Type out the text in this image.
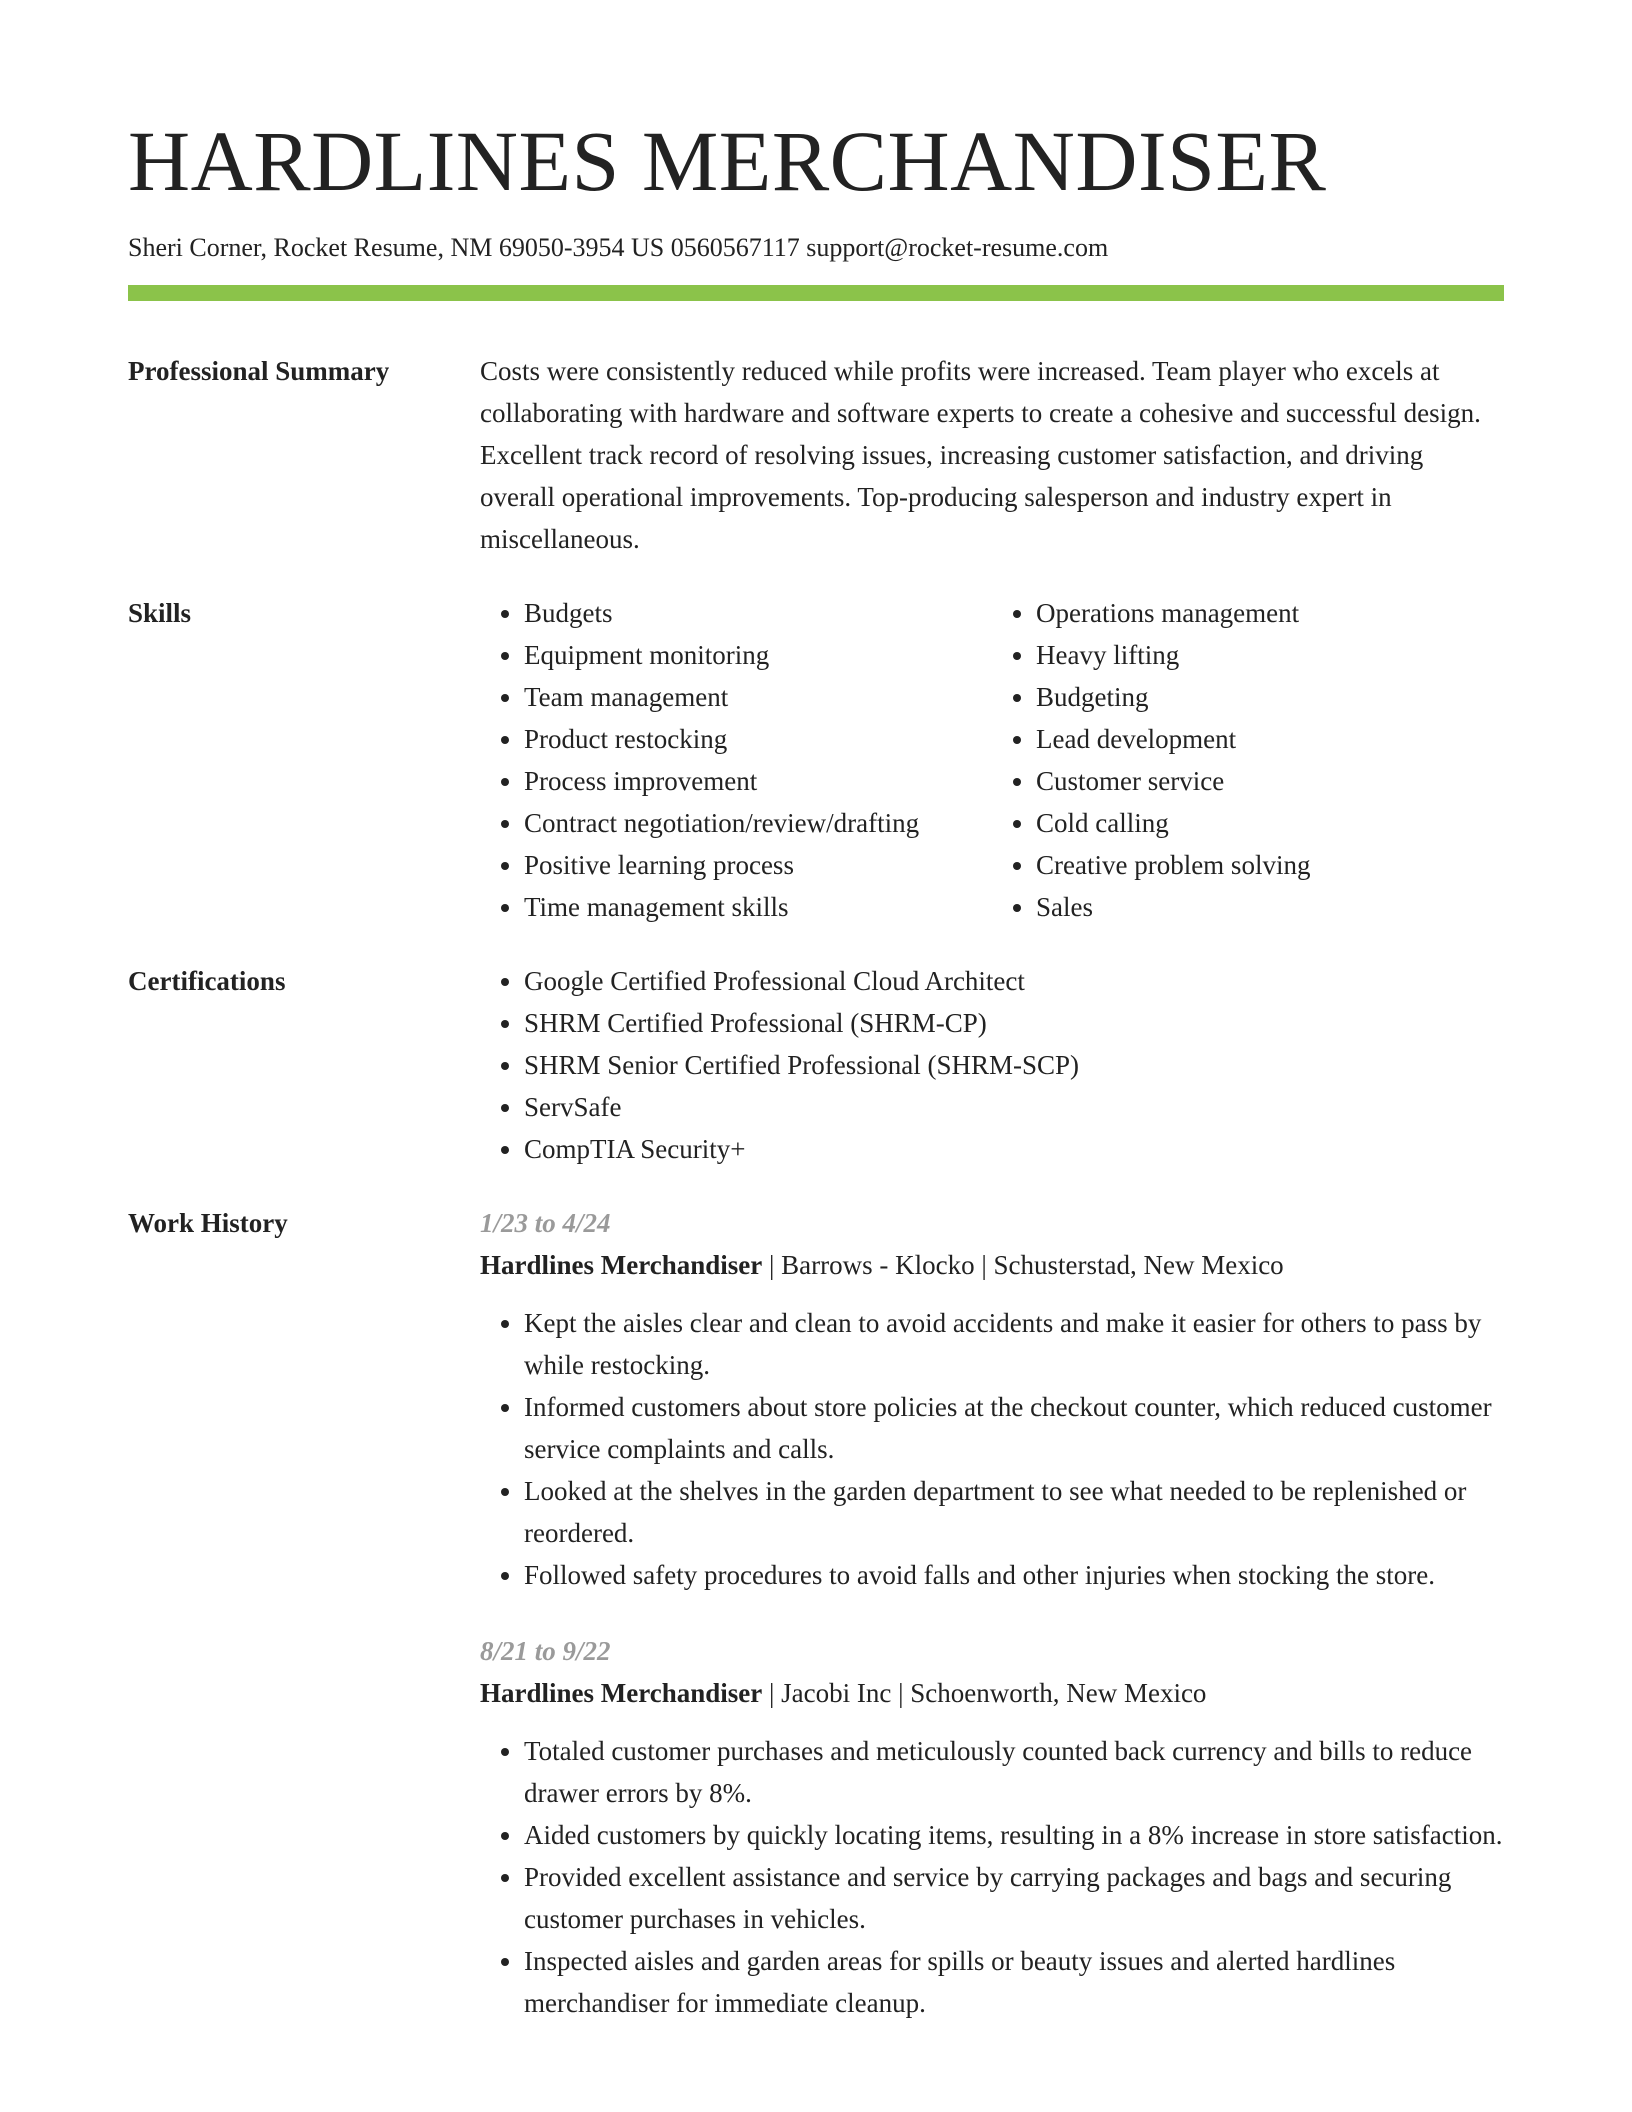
HARDLINES MERCHANDISER
Sheri Corner, Rocket Resume, NM 69050-3954 US 0560567117 support@rocket-resume.com
Professional Summary	Costs were consistently reduced while profits were increased. Team player who excels at collaborating with hardware and software experts to create a cohesive and successful design. Excellent track record of resolving issues, increasing customer satisfaction, and driving overall operational improvements. Top-producing salesperson and industry expert in miscellaneous.

Skills	• Budgets
• Equipment monitoring
• Team management
• Product restocking
• Process improvement
• Contract negotiation/review/drafting
• Positive learning process
• Time management skills
• Operations management
• Heavy lifting
• Budgeting
• Lead development
• Customer service
• Cold calling
• Creative problem solving
• Sales
Certifications	• Google Certified Professional Cloud Architect
• SHRM Certified Professional (SHRM-CP)
• SHRM Senior Certified Professional (SHRM-SCP)
• ServSafe
• CompTIA Security+
Work History	1/23 to 4/24
Hardlines Merchandiser | Barrows - Klocko | Schusterstad, New Mexico
• Kept the aisles clear and clean to avoid accidents and make it easier for others to pass by while restocking.
• Informed customers about store policies at the checkout counter, which reduced customer service complaints and calls.
• Looked at the shelves in the garden department to see what needed to be replenished or reordered.
• Followed safety procedures to avoid falls and other injuries when stocking the store.
8/21 to 9/22
Hardlines Merchandiser | Jacobi Inc | Schoenworth, New Mexico
• Totaled customer purchases and meticulously counted back currency and bills to reduce drawer errors by 8%.
• Aided customers by quickly locating items, resulting in a 8% increase in store satisfaction.
• Provided excellent assistance and service by carrying packages and bags and securing customer purchases in vehicles.
• Inspected aisles and garden areas for spills or beauty issues and alerted hardlines merchandiser for immediate cleanup.
